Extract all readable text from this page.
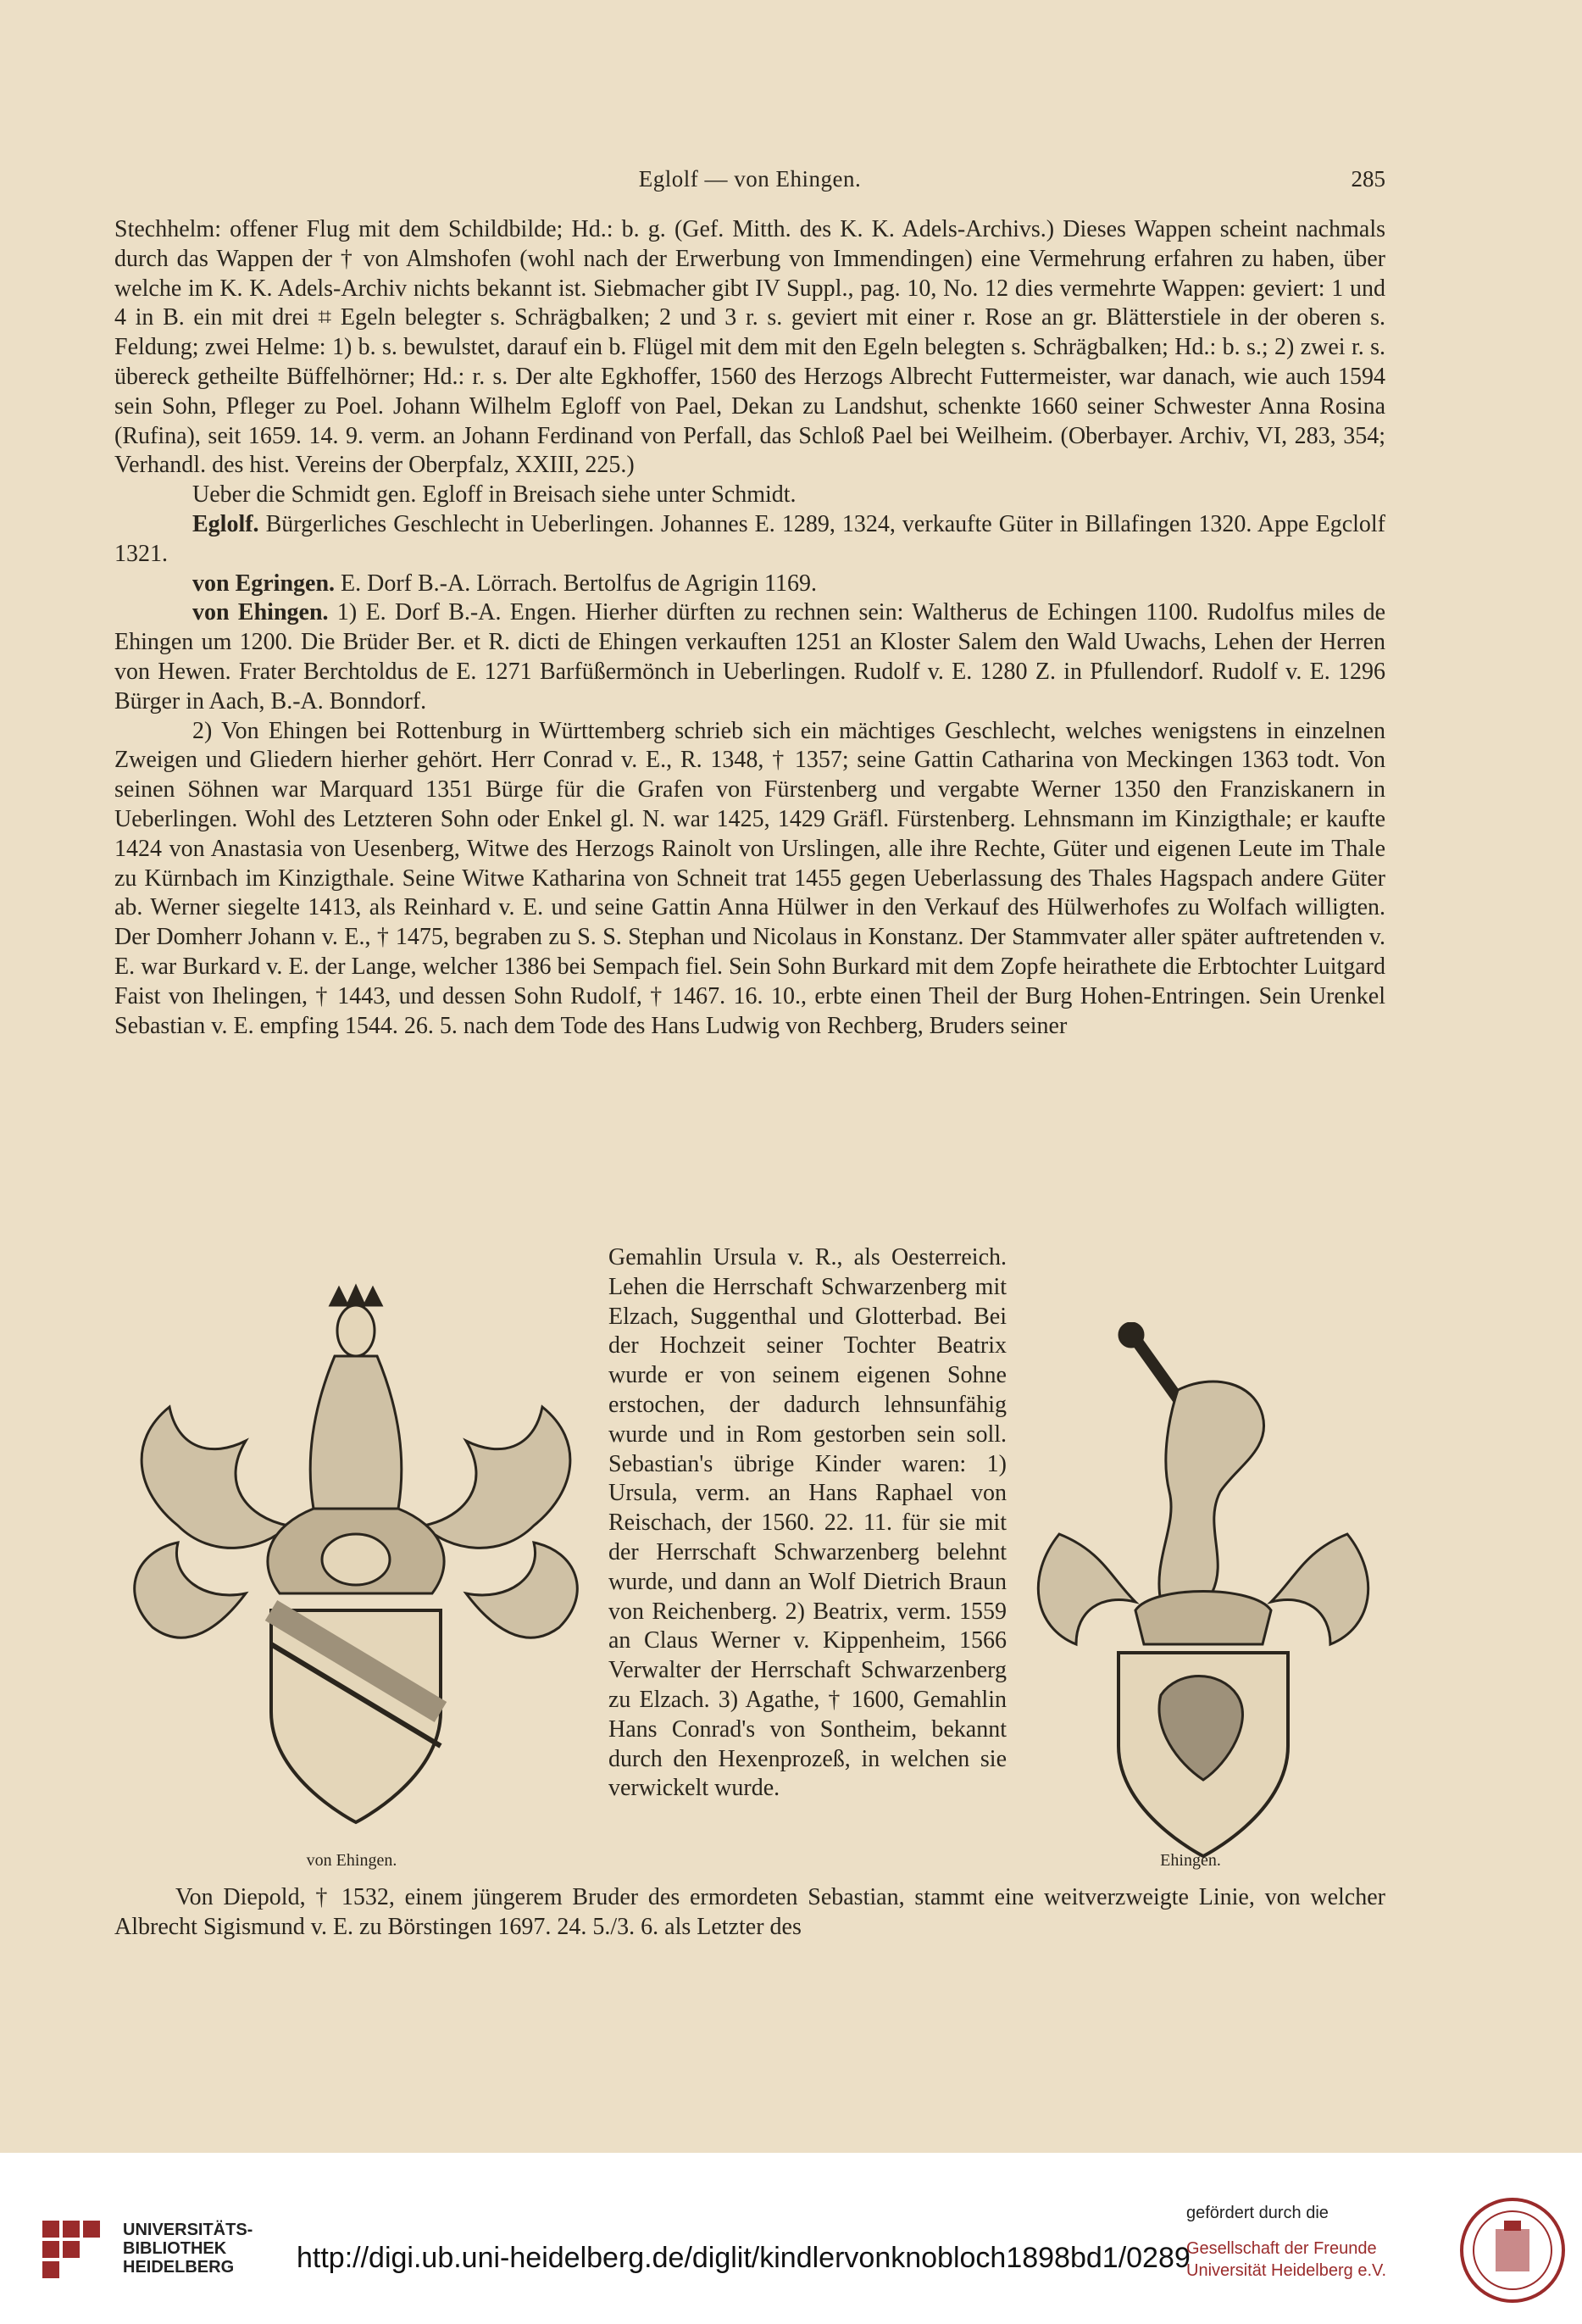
Eglolf — von Ehingen.	285

Stechhelm: offener Flug mit dem Schildbilde; Hd.: b. g. (Gef. Mitth. des K. K. Adels-Archivs.) Dieses Wappen scheint nachmals durch das Wappen der † von Almshofen (wohl nach der Erwerbung von Immendingen) eine Vermehrung erfahren zu haben, über welche im K. K. Adels-Archiv nichts bekannt ist. Siebmacher gibt IV Suppl., pag. 10, No. 12 dies vermehrte Wappen: geviert: 1 und 4 in B. ein mit drei ⌗ Egeln belegter s. Schrägbalken; 2 und 3 r. s. geviert mit einer r. Rose an gr. Blätterstiele in der oberen s. Feldung; zwei Helme: 1) b. s. bewulstet, darauf ein b. Flügel mit dem mit den Egeln belegten s. Schrägbalken; Hd.: b. s.; 2) zwei r. s. übereck getheilte Büffelhörner; Hd.: r. s. Der alte Egkhoffer, 1560 des Herzogs Albrecht Futtermeister, war danach, wie auch 1594 sein Sohn, Pfleger zu Poel. Johann Wilhelm Egloff von Pael, Dekan zu Landshut, schenkte 1660 seiner Schwester Anna Rosina (Rufina), seit 1659. 14. 9. verm. an Johann Ferdinand von Perfall, das Schloß Pael bei Weilheim. (Oberbayer. Archiv, VI, 283, 354; Verhandl. des hist. Vereins der Oberpfalz, XXIII, 225.)

Ueber die Schmidt gen. Egloff in Breisach siehe unter Schmidt.

Eglolf. Bürgerliches Geschlecht in Ueberlingen. Johannes E. 1289, 1324, verkaufte Güter in Billafingen 1320. Appe Egclolf 1321.

von Egringen. E. Dorf B.-A. Lörrach. Bertolfus de Agrigin 1169.

von Ehingen. 1) E. Dorf B.-A. Engen. Hierher dürften zu rechnen sein: Waltherus de Echingen 1100. Rudolfus miles de Ehingen um 1200. Die Brüder Ber. et R. dicti de Ehingen verkauften 1251 an Kloster Salem den Wald Uwachs, Lehen der Herren von Hewen. Frater Berchtoldus de E. 1271 Barfüßermönch in Ueberlingen. Rudolf v. E. 1280 Z. in Pfullendorf. Rudolf v. E. 1296 Bürger in Aach, B.-A. Bonndorf.

2) Von Ehingen bei Rottenburg in Württemberg schrieb sich ein mächtiges Geschlecht, welches wenigstens in einzelnen Zweigen und Gliedern hierher gehört. Herr Conrad v. E., R. 1348, † 1357; seine Gattin Catharina von Meckingen 1363 todt. Von seinen Söhnen war Marquard 1351 Bürge für die Grafen von Fürstenberg und vergabte Werner 1350 den Franziskanern in Ueberlingen. Wohl des Letzteren Sohn oder Enkel gl. N. war 1425, 1429 Gräfl. Fürstenberg. Lehnsmann im Kinzigthale; er kaufte 1424 von Anastasia von Uesenberg, Witwe des Herzogs Rainolt von Urslingen, alle ihre Rechte, Güter und eigenen Leute im Thale zu Kürnbach im Kinzigthale. Seine Witwe Katharina von Schneit trat 1455 gegen Ueberlassung des Thales Hagspach andere Güter ab. Werner siegelte 1413, als Reinhard v. E. und seine Gattin Anna Hülwer in den Verkauf des Hülwerhofes zu Wolfach willigten. Der Domherr Johann v. E., † 1475, begraben zu S. S. Stephan und Nicolaus in Konstanz. Der Stammvater aller später auftretenden v. E. war Burkard v. E. der Lange, welcher 1386 bei Sempach fiel. Sein Sohn Burkard mit dem Zopfe heirathete die Erbtochter Luitgard Faist von Ihelingen, † 1443, und dessen Sohn Rudolf, † 1467. 16. 10., erbte einen Theil der Burg Hohen-Entringen. Sein Urenkel Sebastian v. E. empfing 1544. 26. 5. nach dem Tode des Hans Ludwig von Rechberg, Bruders seiner

von Ehingen.

Gemahlin Ursula v. R., als Oesterreich. Lehen die Herrschaft Schwarzenberg mit Elzach, Suggenthal und Glotterbad. Bei der Hochzeit seiner Tochter Beatrix wurde er von seinem eigenen Sohne erstochen, der dadurch lehnsunfähig wurde und in Rom gestorben sein soll. Sebastian's übrige Kinder waren: 1) Ursula, verm. an Hans Raphael von Reischach, der 1560. 22. 11. für sie mit der Herrschaft Schwarzenberg belehnt wurde, und dann an Wolf Dietrich Braun von Reichenberg. 2) Beatrix, verm. 1559 an Claus Werner v. Kippenheim, 1566 Verwalter der Herrschaft Schwarzenberg zu Elzach. 3) Agathe, † 1600, Gemahlin Hans Conrad's von Sontheim, bekannt durch den Hexenprozeß, in welchen sie verwickelt wurde.

Ehingen.

Von Diepold, † 1532, einem jüngerem Bruder des ermordeten Sebastian, stammt eine weitverzweigte Linie, von welcher Albrecht Sigismund v. E. zu Börstingen 1697. 24. 5./3. 6. als Letzter des

UNIVERSITÄTS-
BIBLIOTHEK
HEIDELBERG	http://digi.ub.uni-heidelberg.de/diglit/kindlervonknobloch1898bd1/0289
gefördert durch die
Gesellschaft der Freunde
Universität Heidelberg e.V.
